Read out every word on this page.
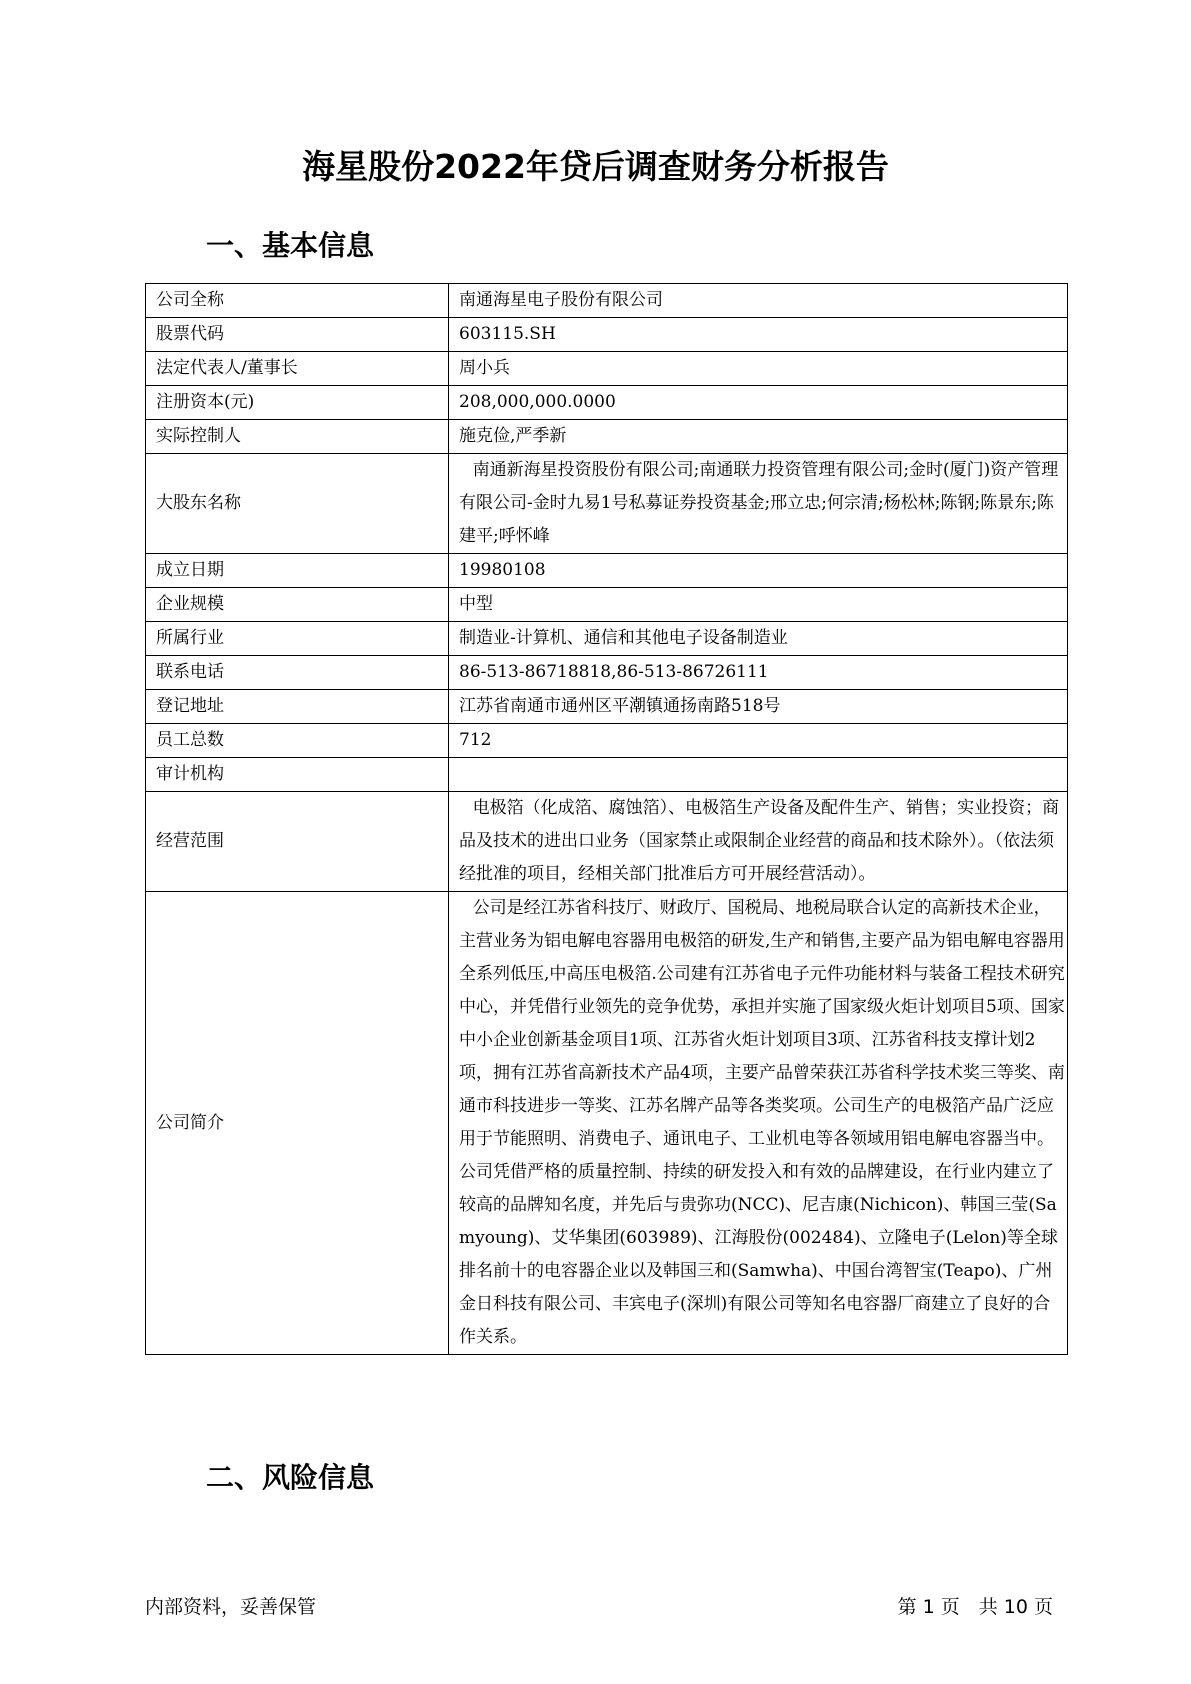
海星股份2022年贷后调查财务分析报告
一、基本信息
公司全称	南通海星电子股份有限公司
股票代码	603115.SH
法定代表人/董事长	周小兵
注册资本(元)	208,000,000.0000
实际控制人	施克俭,严季新
大股东名称	南通新海星投资股份有限公司;南通联力投资管理有限公司;金时(厦门)资产管理有限公司-金时九易1号私募证券投资基金;邢立忠;何宗清;杨松林;陈钢;陈景东;陈建平;呼怀峰
成立日期	19980108
企业规模	中型
所属行业	制造业-计算机、通信和其他电子设备制造业
联系电话	86-513-86718818,86-513-86726111
登记地址	江苏省南通市通州区平潮镇通扬南路518号
员工总数	712
审计机构	
经营范围	电极箔（化成箔、腐蚀箔）、电极箔生产设备及配件生产、销售；实业投资；商品及技术的进出口业务（国家禁止或限制企业经营的商品和技术除外）。（依法须经批准的项目，经相关部门批准后方可开展经营活动）。
公司简介	公司是经江苏省科技厅、财政厅、国税局、地税局联合认定的高新技术企业，主营业务为铝电解电容器用电极箔的研发,生产和销售,主要产品为铝电解电容器用全系列低压,中高压电极箔.公司建有江苏省电子元件功能材料与装备工程技术研究中心，并凭借行业领先的竞争优势，承担并实施了国家级火炬计划项目5项、国家中小企业创新基金项目1项、江苏省火炬计划项目3项、江苏省科技支撑计划2项，拥有江苏省高新技术产品4项，主要产品曾荣获江苏省科学技术奖三等奖、南通市科技进步一等奖、江苏名牌产品等各类奖项。公司生产的电极箔产品广泛应用于节能照明、消费电子、通讯电子、工业机电等各领域用铝电解电容器当中。公司凭借严格的质量控制、持续的研发投入和有效的品牌建设，在行业内建立了较高的品牌知名度，并先后与贵弥功(NCC)、尼吉康(Nichicon)、韩国三莹(Samyoung)、艾华集团(603989)、江海股份(002484)、立隆电子(Lelon)等全球排名前十的电容器企业以及韩国三和(Samwha)、中国台湾智宝(Teapo)、广州金日科技有限公司、丰宾电子(深圳)有限公司等知名电容器厂商建立了良好的合作关系。
二、风险信息
内部资料，妥善保管	第 1 页　共 10 页
